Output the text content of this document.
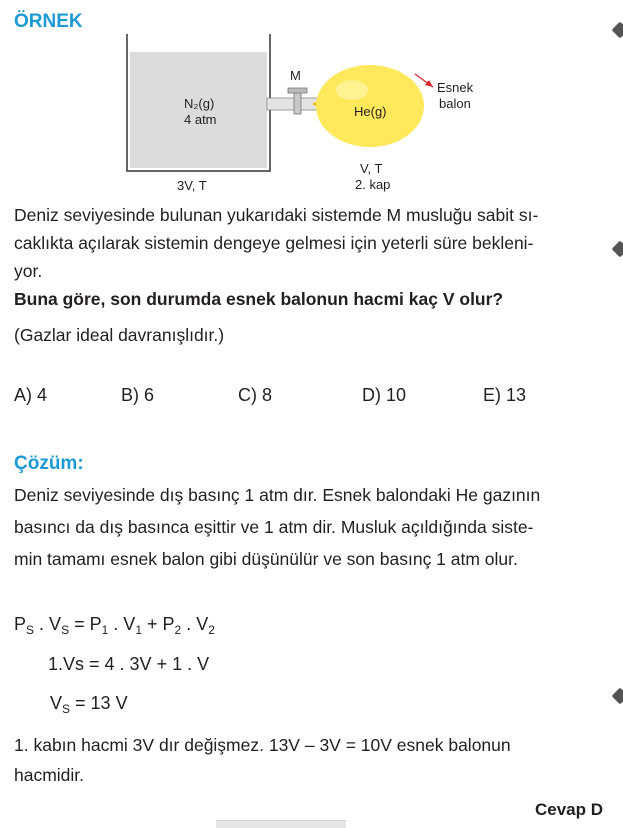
ÖRNEK
N₂(g)
4 atm
3V, T
M
He(g)
Esnek
balon
V, T
2. kap
Deniz seviyesinde bulunan yukarıdaki sistemde M musluğu sabit sı-
caklıkta açılarak sistemin dengeye gelmesi için yeterli süre bekleni-
yor.
Buna göre, son durumda esnek balonun hacmi kaç V olur?
(Gazlar ideal davranışlıdır.)
A) 4	B) 6	C) 8	D) 10	E) 13
Çözüm:
Deniz seviyesinde dış basınç 1 atm dır. Esnek balondaki He gazının
basıncı da dış basınca eşittir ve 1 atm dir. Musluk açıldığında siste-
min tamamı esnek balon gibi düşünülür ve son basınç 1 atm olur.
$P_S$ . $V_S = P_1$ . $V_1 + P_2$ . $V_2$
1.Vs = 4 . 3V + 1 . V
$V_S = 13$ V
1. kabın hacmi 3V dır değişmez. 13V – 3V = 10V esnek balonun
hacmidir.
Cevap D
